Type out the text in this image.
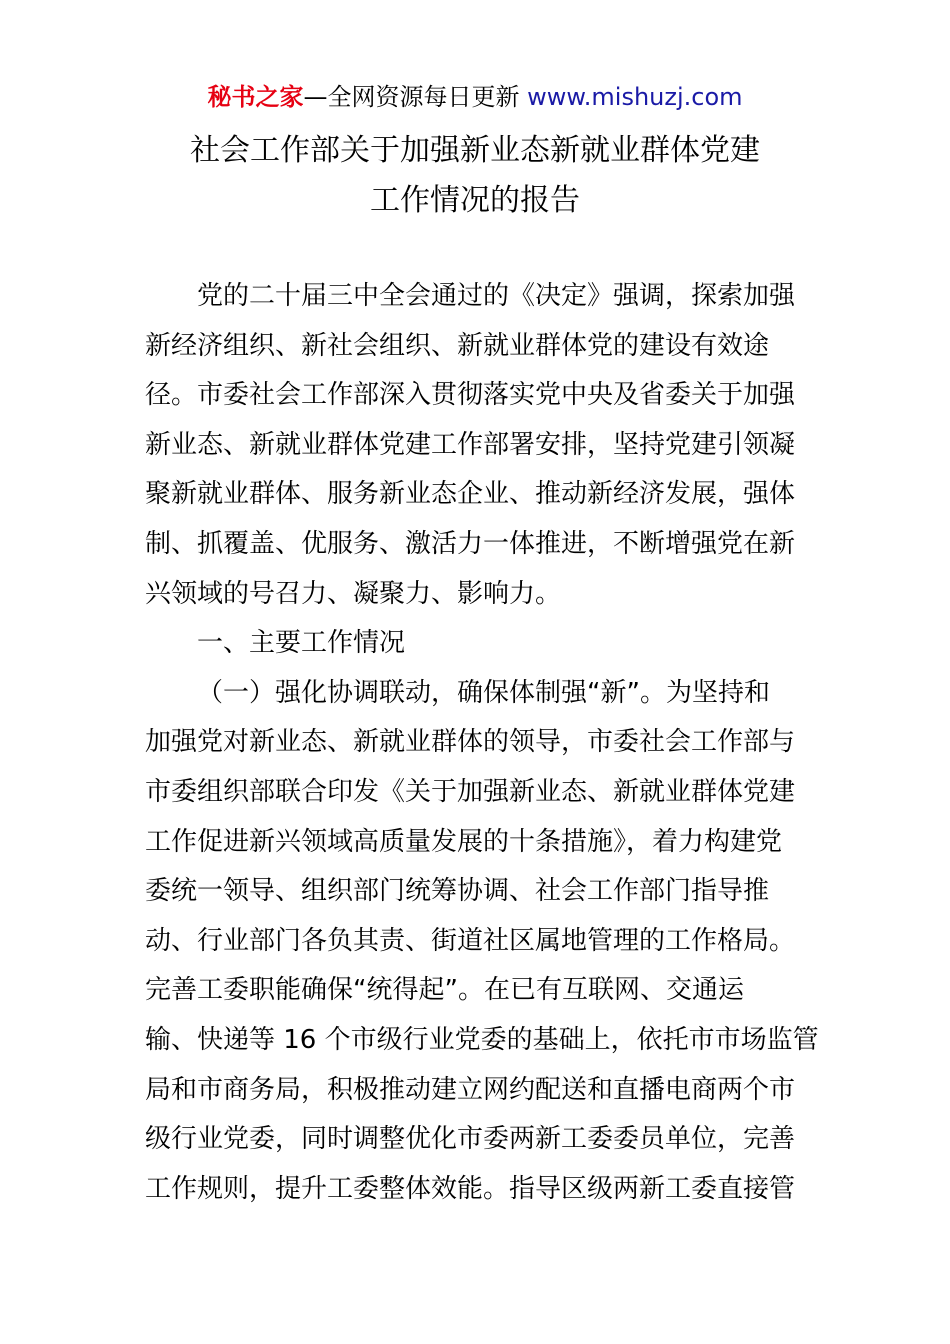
秘书之家—全网资源每日更新 www.mishuzj.com
社会工作部关于加强新业态新就业群体党建
工作情况的报告
党的二十届三中全会通过的《决定》强调，探索加强
新经济组织、新社会组织、新就业群体党的建设有效途
径。市委社会工作部深入贯彻落实党中央及省委关于加强
新业态、新就业群体党建工作部署安排，坚持党建引领凝
聚新就业群体、服务新业态企业、推动新经济发展，强体
制、抓覆盖、优服务、激活力一体推进，不断增强党在新
兴领域的号召力、凝聚力、影响力。
一、主要工作情况
（一）强化协调联动，确保体制强“新”。为坚持和
加强党对新业态、新就业群体的领导，市委社会工作部与
市委组织部联合印发《关于加强新业态、新就业群体党建
工作促进新兴领域高质量发展的十条措施》，着力构建党
委统一领导、组织部门统筹协调、社会工作部门指导推
动、行业部门各负其责、街道社区属地管理的工作格局。
完善工委职能确保“统得起”。在已有互联网、交通运
输、快递等 16 个市级行业党委的基础上，依托市市场监管
局和市商务局，积极推动建立网约配送和直播电商两个市
级行业党委，同时调整优化市委两新工委委员单位，完善
工作规则，提升工委整体效能。指导区级两新工委直接管
